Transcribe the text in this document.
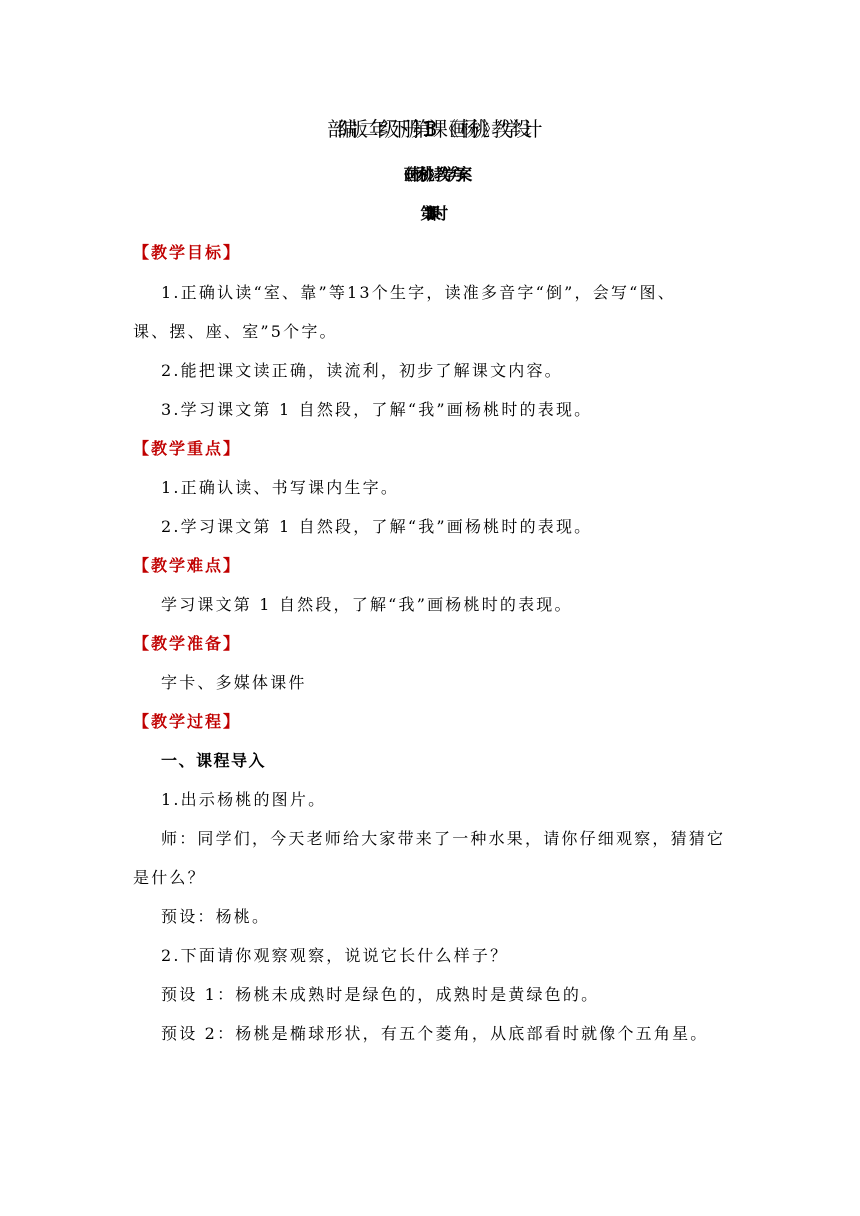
部编版二年级下册第13课《画杨桃》教学设计
《画杨桃》教学方案
第 1 课时
【教学目标】
1.正确认读“室、靠”等13个生字，读准多音字“倒”，会写“图、
课、摆、座、室”5个字。
2.能把课文读正确，读流利，初步了解课文内容。
3.学习课文第 1 自然段，了解“我”画杨桃时的表现。
【教学重点】
1.正确认读、书写课内生字。
2.学习课文第 1 自然段，了解“我”画杨桃时的表现。
【教学难点】
学习课文第 1 自然段，了解“我”画杨桃时的表现。
【教学准备】
字卡、多媒体课件
【教学过程】
一、课程导入
1.出示杨桃的图片。
师：同学们，今天老师给大家带来了一种水果，请你仔细观察，猜猜它
是什么？
预设：杨桃。
2.下面请你观察观察，说说它长什么样子？
预设 1：杨桃未成熟时是绿色的，成熟时是黄绿色的。
预设 2：杨桃是椭球形状，有五个菱角，从底部看时就像个五角星。
